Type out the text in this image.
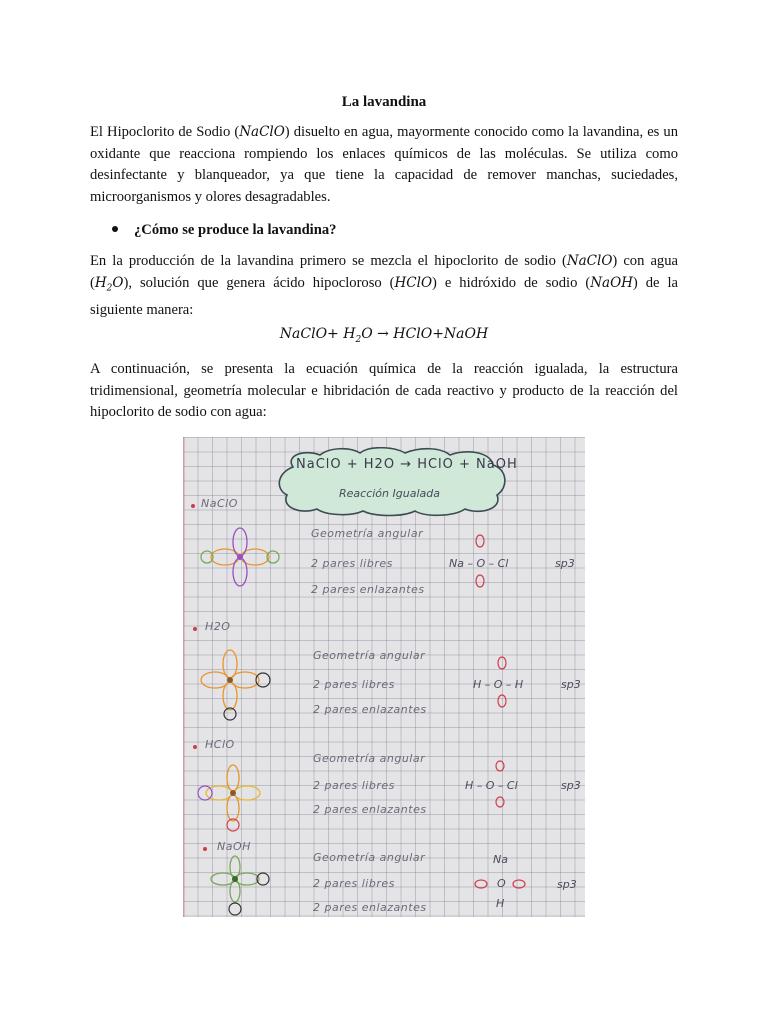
La lavandina

El Hipoclorito de Sodio (NaClO) disuelto en agua, mayormente conocido como la lavandina, es un oxidante que reacciona rompiendo los enlaces químicos de las moléculas. Se utiliza como desinfectante y blanqueador, ya que tiene la capacidad de remover manchas, suciedades, microorganismos y olores desagradables.

¿Cómo se produce la lavandina?

En la producción de la lavandina primero se mezcla el hipoclorito de sodio (NaClO) con agua $(H_2O)$, solución que genera ácido hipocloroso (HClO) e hidróxido de sodio (NaOH) de la siguiente manera:

NaClO+ $H_2O$ → HClO+NaOH

A continuación, se presenta la ecuación química de la reacción igualada, la estructura tridimensional, geometría molecular e hibridación de cada reactivo y producto de la reacción del hipoclorito de sodio con agua:

NaClO + H2O → HClO + NaOH
Reacción Igualada
NaClO
Geometría angular
2 pares libres
2 pares enlazantes
Na – O – Cl	sp3
H2O
Geometría angular
2 pares libres
2 pares enlazantes
H – O – H	sp3
HClO
Geometría angular
2 pares libres
2 pares enlazantes
H – O – Cl	sp3
NaOH
Geometría angular
2 pares libres
2 pares enlazantes
Na
O
H
sp3
